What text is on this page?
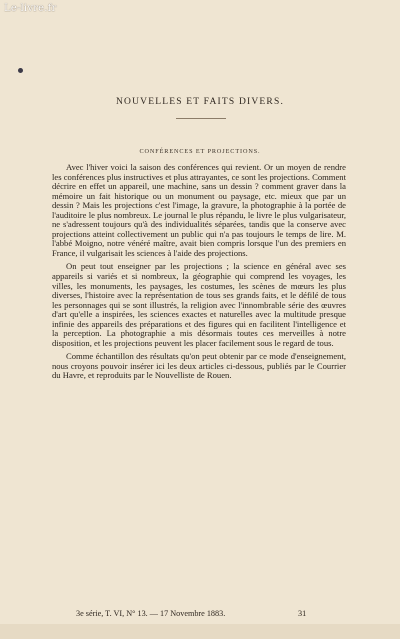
Le-livre.fr
NOUVELLES ET FAITS DIVERS.
CONFÉRENCES ET PROJECTIONS.

Avec l'hiver voici la saison des conférences qui revient. Or un moyen de rendre les conférences plus instructives et plus attrayantes, ce sont les projections. Comment décrire en effet un appareil, une machine, sans un dessin ? comment graver dans la mémoire un fait historique ou un monument ou paysage, etc. mieux que par un dessin ? Mais les projections c'est l'image, la gravure, la photographie à la portée de l'auditoire le plus nombreux. Le journal le plus répandu, le livre le plus vulgarisateur, ne s'adressent toujours qu'à des individualités séparées, tandis que la conserve avec projections atteint collectivement un public qui n'a pas toujours le temps de lire. M. l'abbé Moigno, notre vénéré maître, avait bien compris lorsque l'un des premiers en France, il vulgarisait les sciences à l'aide des projections.

On peut tout enseigner par les projections ; la science en général avec ses appareils si variés et si nombreux, la géographie qui comprend les voyages, les villes, les monuments, les paysages, les costumes, les scènes de mœurs les plus diverses, l'histoire avec la représentation de tous ses grands faits, et le défilé de tous les personnages qui se sont illustrés, la religion avec l'innombrable série des œuvres d'art qu'elle a inspirées, les sciences exactes et naturelles avec la multitude presque infinie des appareils des préparations et des figures qui en facilitent l'intelligence et la perception. La photographie a mis désormais toutes ces merveilles à notre disposition, et les projections peuvent les placer facilement sous le regard de tous.

Comme échantillon des résultats qu'on peut obtenir par ce mode d'enseignement, nous croyons pouvoir insérer ici les deux articles ci-dessous, publiés par le Courrier du Havre, et reproduits par le Nouvelliste de Rouen.

3e série, T. VI, N° 13. — 17 Novembre 1883.	31
